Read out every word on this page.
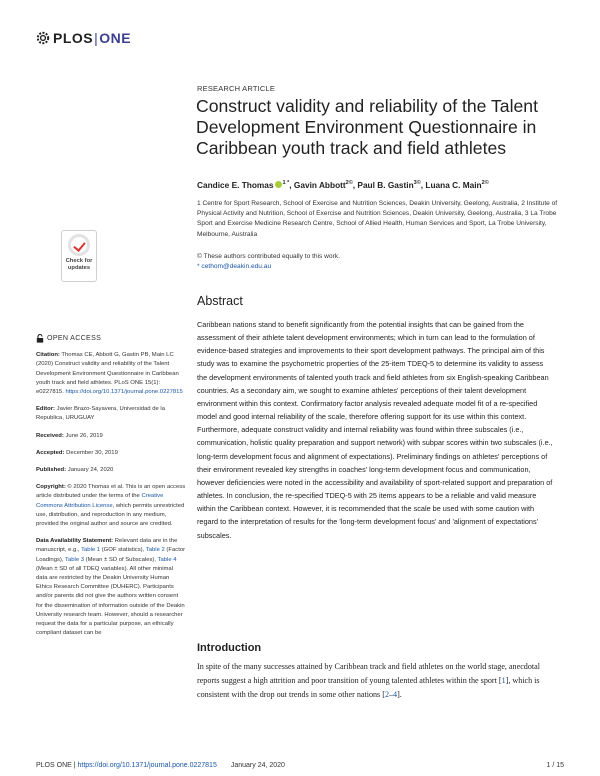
PLOS | ONE
RESEARCH ARTICLE
Construct validity and reliability of the Talent Development Environment Questionnaire in Caribbean youth track and field athletes
Candice E. Thomas $^{1 *}$, Gavin Abbott$^{2©}$, Paul B. Gastin$^{3©}$, Luana C. Main$^{2©}$
1 Centre for Sport Research, School of Exercise and Nutrition Sciences, Deakin University, Geelong, Australia, 2 Institute of Physical Activity and Nutrition, School of Exercise and Nutrition Sciences, Deakin University, Geelong, Australia, 3 La Trobe Sport and Exercise Medicine Research Centre, School of Allied Health, Human Services and Sport, La Trobe University, Melbourne, Australia
© These authors contributed equally to this work.
* cethom@deakin.edu.au
Check for
updates
Abstract

Caribbean nations stand to benefit significantly from the potential insights that can be gained from the assessment of their athlete talent development environments; which in turn can lead to the formulation of evidence-based strategies and improvements to their sport development pathways. The principal aim of this study was to examine the psychometric properties of the 25-item TDEQ-5 to determine its validity to assess the development environments of talented youth track and field athletes from six English-speaking Caribbean countries. As a secondary aim, we sought to examine athletes' perceptions of their talent development environment within this context. Confirmatory factor analysis revealed adequate model fit of a re-specified model and good internal reliability of the scale, therefore offering support for its use within this context. Furthermore, adequate construct validity and internal reliability was found within three subscales (i.e., communication, holistic quality preparation and support network) with subpar scores within two subscales (i.e., long-term development focus and alignment of expectations). Preliminary findings on athletes' perceptions of their environment revealed key strengths in coaches' long-term development focus and communication, however deficiencies were noted in the accessibility and availability of sport-related support and preparation of athletes. In conclusion, the re-specified TDEQ-5 with 25 items appears to be a reliable and valid measure within the Caribbean context. However, it is recommended that the scale be used with some caution with regard to the interpretation of results for the 'long-term development focus' and 'alignment of expectations' subscales.

OPEN ACCESS

Citation: Thomas CE, Abbott G, Gastin PB, Main LC (2020) Construct validity and reliability of the Talent Development Environment Questionnaire in Caribbean youth track and field athletes. PLoS ONE 15(1): e0227815. https://doi.org/10.1371/journal.pone.0227815

Editor: Javier Brazo-Sayavera, Universidad de la Republica, URUGUAY

Received: June 26, 2019

Accepted: December 30, 2019

Published: January 24, 2020

Copyright: © 2020 Thomas et al. This is an open access article distributed under the terms of the Creative Commons Attribution License, which permits unrestricted use, distribution, and reproduction in any medium, provided the original author and source are credited.

Data Availability Statement: Relevant data are in the manuscript, e.g., Table 1 (GOF statistics), Table 2 (Factor Loadings), Table 3 (Mean ± SD of Subscales), Table 4 (Mean ± SD of all TDEQ variables). All other minimal data are restricted by the Deakin University Human Ethics Research Committee (DUHERC). Participants and/or parents did not give the authors written consent for the dissemination of information outside of the Deakin University research team. However, should a researcher request the data for a particular purpose, an ethically compliant dataset can be

Introduction

In spite of the many successes attained by Caribbean track and field athletes on the world stage, anecdotal reports suggest a high attrition and poor transition of young talented athletes within the sport [1], which is consistent with the drop out trends in some other nations [2–4].

PLOS ONE | https://doi.org/10.1371/journal.pone.0227815 January 24, 2020	1 / 15
